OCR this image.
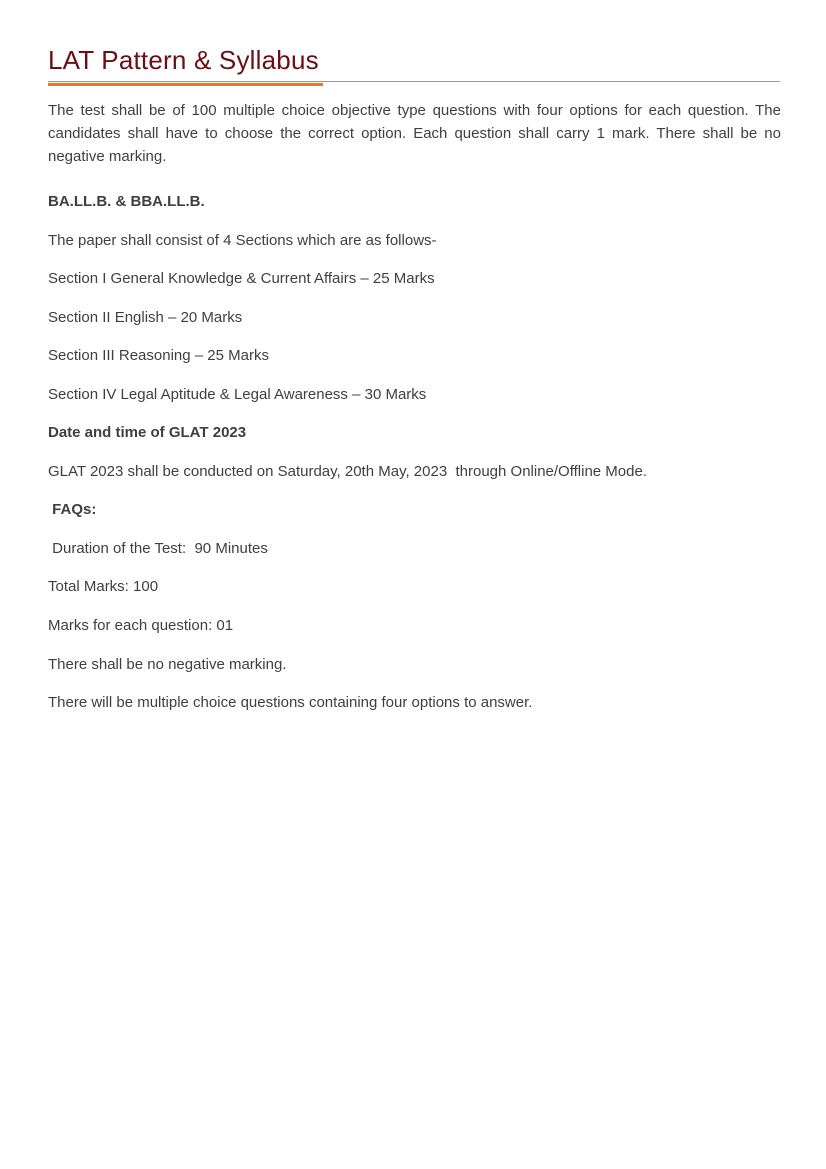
LAT Pattern & Syllabus

The test shall be of 100 multiple choice objective type questions with four options for each question. The candidates shall have to choose the correct option. Each question shall carry 1 mark. There shall be no negative marking.

BA.LL.B. & BBA.LL.B.

The paper shall consist of 4 Sections which are as follows-

Section I General Knowledge & Current Affairs – 25 Marks

Section II English – 20 Marks

Section III Reasoning – 25 Marks

Section IV Legal Aptitude & Legal Awareness – 30 Marks

Date and time of GLAT 2023

GLAT 2023 shall be conducted on Saturday, 20th May, 2023  through Online/Offline Mode.

FAQs:

Duration of the Test:  90 Minutes

Total Marks: 100

Marks for each question: 01

There shall be no negative marking.

There will be multiple choice questions containing four options to answer.
